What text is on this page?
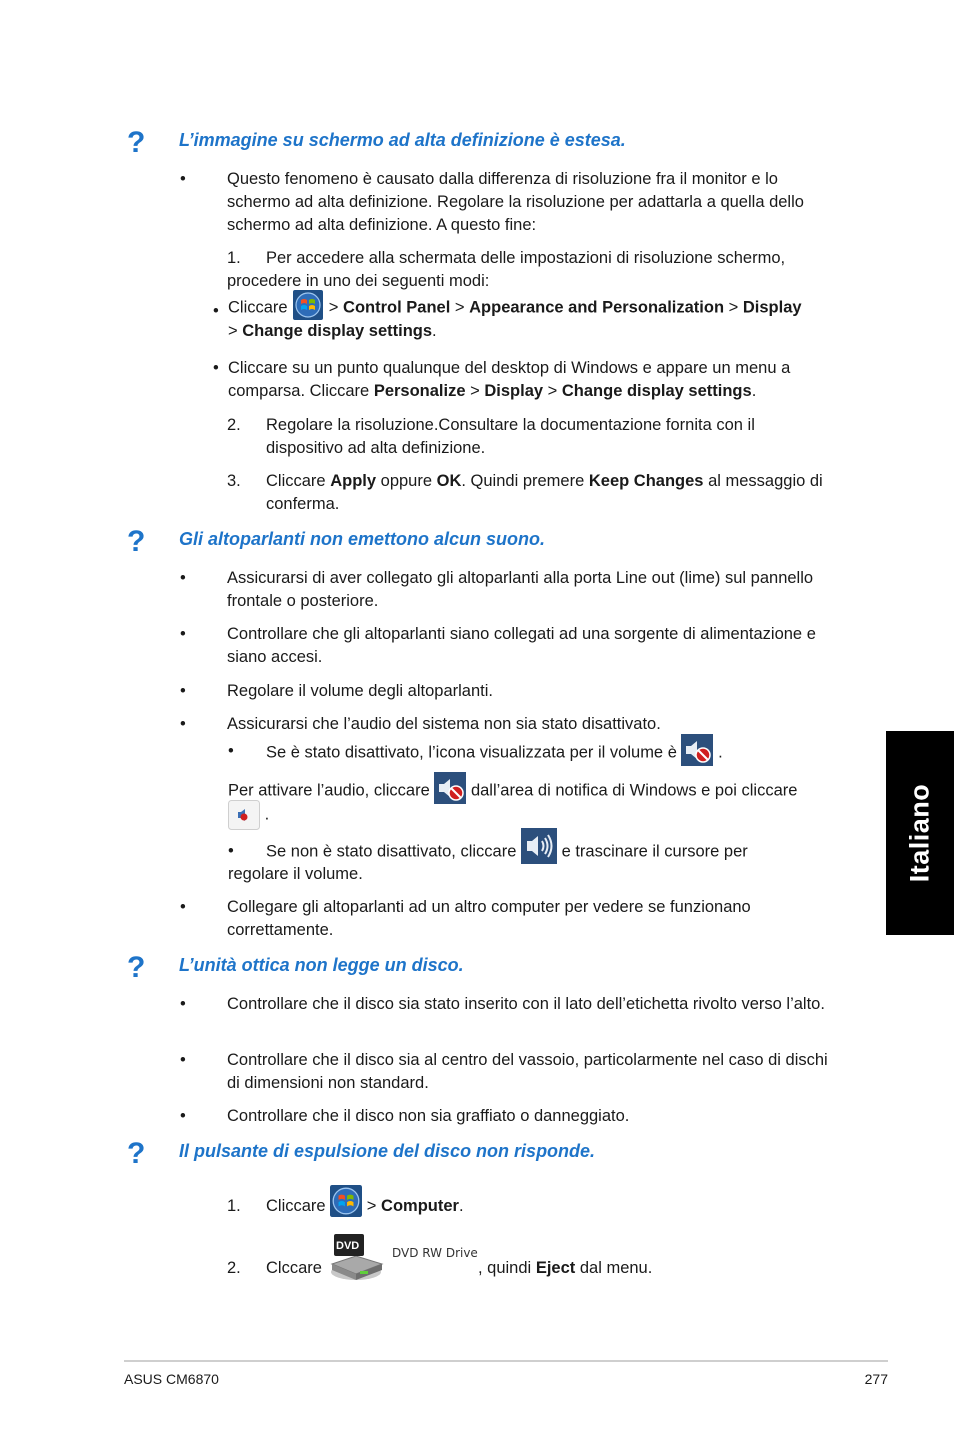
? L’immagine su schermo ad alta definizione è estesa.
• Questo fenomeno è causato dalla differenza di risoluzione fra il monitor e lo schermo ad alta definizione. Regolare la risoluzione per adattarla a quella dello schermo ad alta definizione. A questo fine:
1.	Per accedere alla schermata delle impostazioni di risoluzione schermo, procedere in uno dei seguenti modi:
• Cliccare > Control Panel > Appearance and Personalization > Display
> Change display settings.
• Cliccare su un punto qualunque del desktop di Windows e appare un menu a comparsa. Cliccare Personalize > Display > Change display settings.
2. Regolare la risoluzione.Consultare la documentazione fornita con il dispositivo ad alta definizione.
3. Cliccare Apply oppure OK. Quindi premere Keep Changes al messaggio di conferma.
? Gli altoparlanti non emettono alcun suono.
• Assicurarsi di aver collegato gli altoparlanti alla porta Line out (lime) sul pannello frontale o posteriore.
• Controllare che gli altoparlanti siano collegati ad una sorgente di alimentazione e siano accesi.
• Regolare il volume degli altoparlanti.
• Assicurarsi che l’audio del sistema non sia stato disattivato.
• Se è stato disattivato, l’icona visualizzata per il volume è .
Per attivare l’audio, cliccare dall’area di notifica di Windows e poi cliccare
.
• Se non è stato disattivato, cliccare	e trascinare il cursore per
regolare il volume.
• Collegare gli altoparlanti ad un altro computer per vedere se funzionano correttamente.
? L’unità ottica non legge un disco.
• Controllare che il disco sia stato inserito con il lato dell’etichetta rivolto verso l’alto.
• Controllare che il disco sia al centro del vassoio, particolarmente nel caso di dischi di dimensioni non standard.
• Controllare che il disco non sia graffiato o danneggiato.
? Il pulsante di espulsione del disco non risponde.
1. Cliccare > Computer.
2. Clccare
DVD	DVD RW Drive
, quindi Eject dal menu.
Italiano
ASUS CM6870	277
